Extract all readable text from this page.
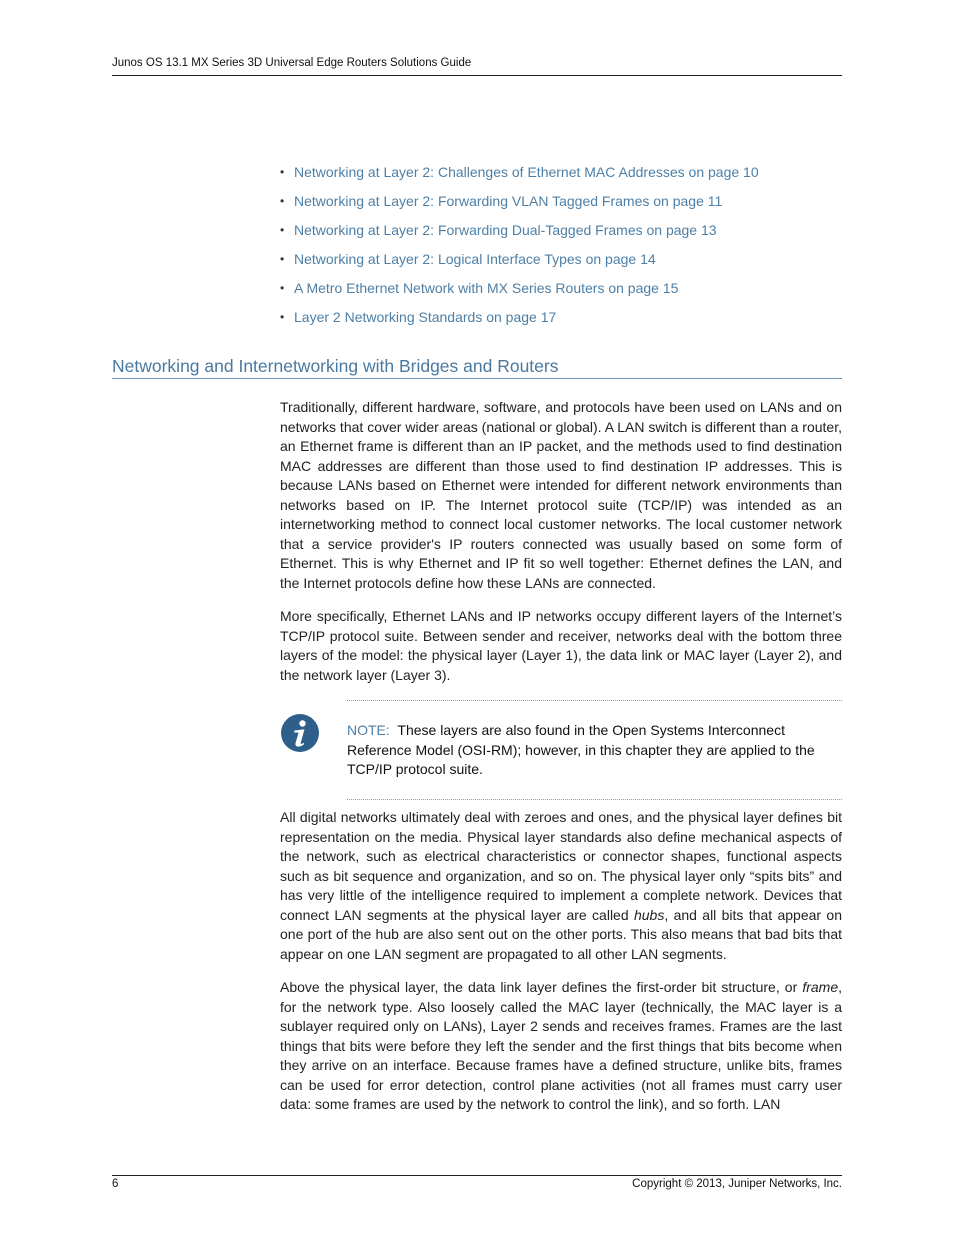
Junos OS 13.1 MX Series 3D Universal Edge Routers Solutions Guide
• Networking at Layer 2: Challenges of Ethernet MAC Addresses on page 10
• Networking at Layer 2: Forwarding VLAN Tagged Frames on page 11
• Networking at Layer 2: Forwarding Dual-Tagged Frames on page 13
• Networking at Layer 2: Logical Interface Types on page 14
• A Metro Ethernet Network with MX Series Routers on page 15
• Layer 2 Networking Standards on page 17
Networking and Internetworking with Bridges and Routers

Traditionally, different hardware, software, and protocols have been used on LANs and on networks that cover wider areas (national or global). A LAN switch is different than a router, an Ethernet frame is different than an IP packet, and the methods used to find destination MAC addresses are different than those used to find destination IP addresses. This is because LANs based on Ethernet were intended for different network environments than networks based on IP. The Internet protocol suite (TCP/IP) was intended as an internetworking method to connect local customer networks. The local customer network that a service provider's IP routers connected was usually based on some form of Ethernet. This is why Ethernet and IP fit so well together: Ethernet defines the LAN, and the Internet protocols define how these LANs are connected.

More specifically, Ethernet LANs and IP networks occupy different layers of the Internet’s TCP/IP protocol suite. Between sender and receiver, networks deal with the bottom three layers of the model: the physical layer (Layer 1), the data link or MAC layer (Layer 2), and the network layer (Layer 3).

NOTE: These layers are also found in the Open Systems Interconnect Reference Model (OSI-RM); however, in this chapter they are applied to the TCP/IP protocol suite.

All digital networks ultimately deal with zeroes and ones, and the physical layer defines bit representation on the media. Physical layer standards also define mechanical aspects of the network, such as electrical characteristics or connector shapes, functional aspects such as bit sequence and organization, and so on. The physical layer only “spits bits” and has very little of the intelligence required to implement a complete network. Devices that connect LAN segments at the physical layer are called hubs, and all bits that appear on one port of the hub are also sent out on the other ports. This also means that bad bits that appear on one LAN segment are propagated to all other LAN segments.

Above the physical layer, the data link layer defines the first-order bit structure, or frame, for the network type. Also loosely called the MAC layer (technically, the MAC layer is a sublayer required only on LANs), Layer 2 sends and receives frames. Frames are the last things that bits were before they left the sender and the first things that bits become when they arrive on an interface. Because frames have a defined structure, unlike bits, frames can be used for error detection, control plane activities (not all frames must carry user data: some frames are used by the network to control the link), and so forth. LAN

6	Copyright © 2013, Juniper Networks, Inc.
